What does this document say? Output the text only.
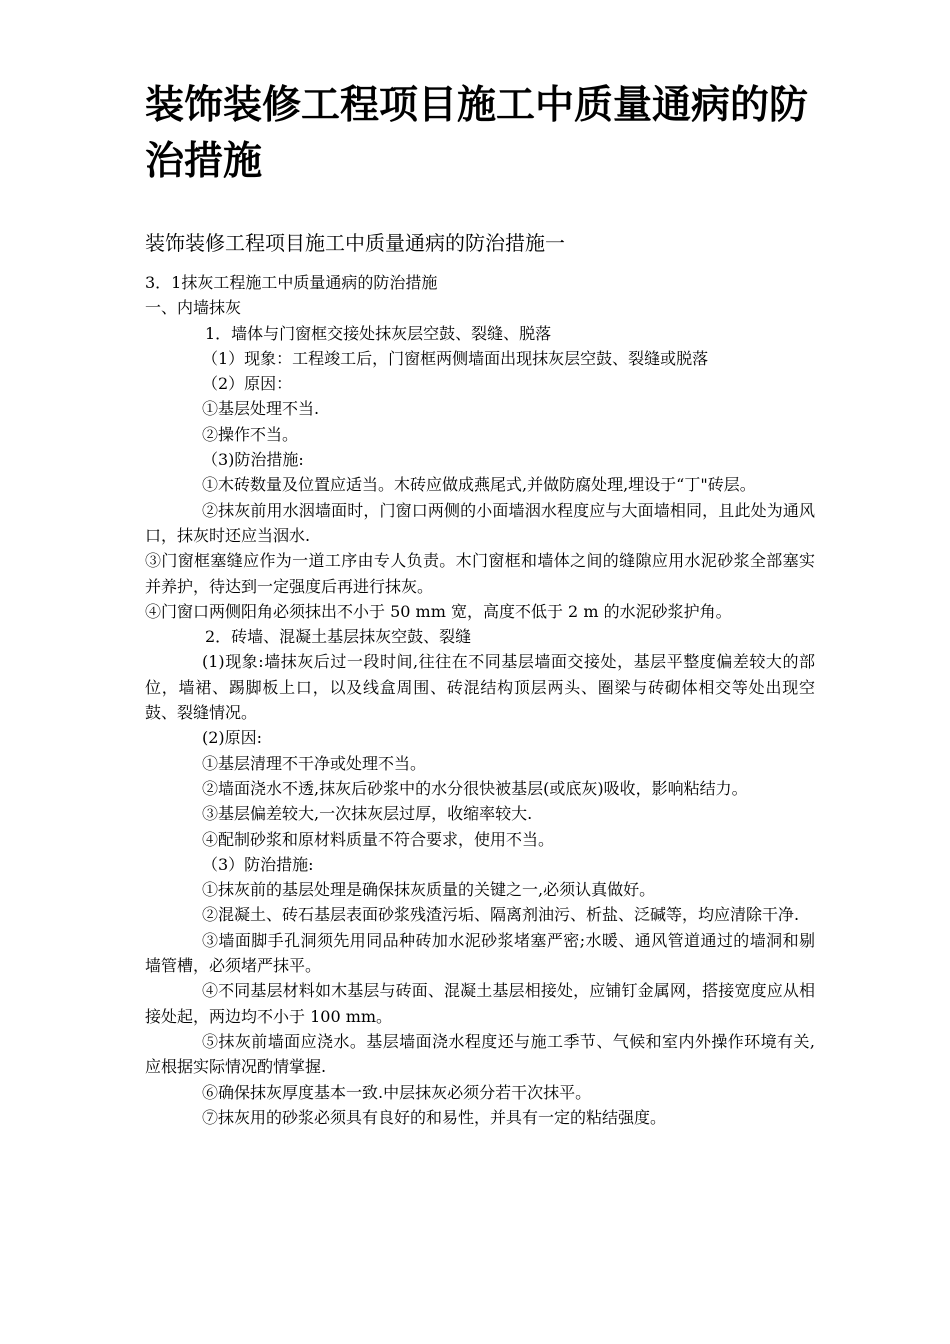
装饰装修工程项目施工中质量通病的防治措施
装饰装修工程项目施工中质量通病的防治措施一

3．1抹灰工程施工中质量通病的防治措施

一、内墙抹灰

1．墙体与门窗框交接处抹灰层空鼓、裂缝、脱落

（1）现象：工程竣工后，门窗框两侧墙面出现抹灰层空鼓、裂缝或脱落

（2）原因：

①基层处理不当.

②操作不当。

（3)防治措施:

①木砖数量及位置应适当。木砖应做成燕尾式,并做防腐处理,埋设于“丁"砖层。

②抹灰前用水洇墙面时，门窗口两侧的小面墙洇水程度应与大面墙相同，且此处为通风口，抹灰时还应当洇水.

③门窗框塞缝应作为一道工序由专人负责。木门窗框和墙体之间的缝隙应用水泥砂浆全部塞实并养护，待达到一定强度后再进行抹灰。

④门窗口两侧阳角必须抹出不小于 50 mm 宽，高度不低于 2 m 的水泥砂浆护角。

2．砖墙、混凝土基层抹灰空鼓、裂缝

(1)现象:墙抹灰后过一段时间,往往在不同基层墙面交接处，基层平整度偏差较大的部位，墙裙、踢脚板上口，以及线盒周围、砖混结构顶层两头、圈梁与砖砌体相交等处出现空鼓、裂缝情况。

(2)原因:

①基层清理不干净或处理不当。

②墙面浇水不透,抹灰后砂浆中的水分很快被基层(或底灰)吸收，影响粘结力。

③基层偏差较大,一次抹灰层过厚，收缩率较大.

④配制砂浆和原材料质量不符合要求，使用不当。

（3）防治措施:

①抹灰前的基层处理是确保抹灰质量的关键之一,必须认真做好。

②混凝土、砖石基层表面砂浆残渣污垢、隔离剂油污、析盐、泛碱等，均应清除干净.

③墙面脚手孔洞须先用同品种砖加水泥砂浆堵塞严密;水暖、通风管道通过的墙洞和剔墙管槽，必须堵严抹平。

④不同基层材料如木基层与砖面、混凝土基层相接处，应铺钉金属网，搭接宽度应从相接处起，两边均不小于 100 mm。

⑤抹灰前墙面应浇水。基层墙面浇水程度还与施工季节、气候和室内外操作环境有关,应根据实际情况酌情掌握.

⑥确保抹灰厚度基本一致.中层抹灰必须分若干次抹平。

⑦抹灰用的砂浆必须具有良好的和易性，并具有一定的粘结强度。
